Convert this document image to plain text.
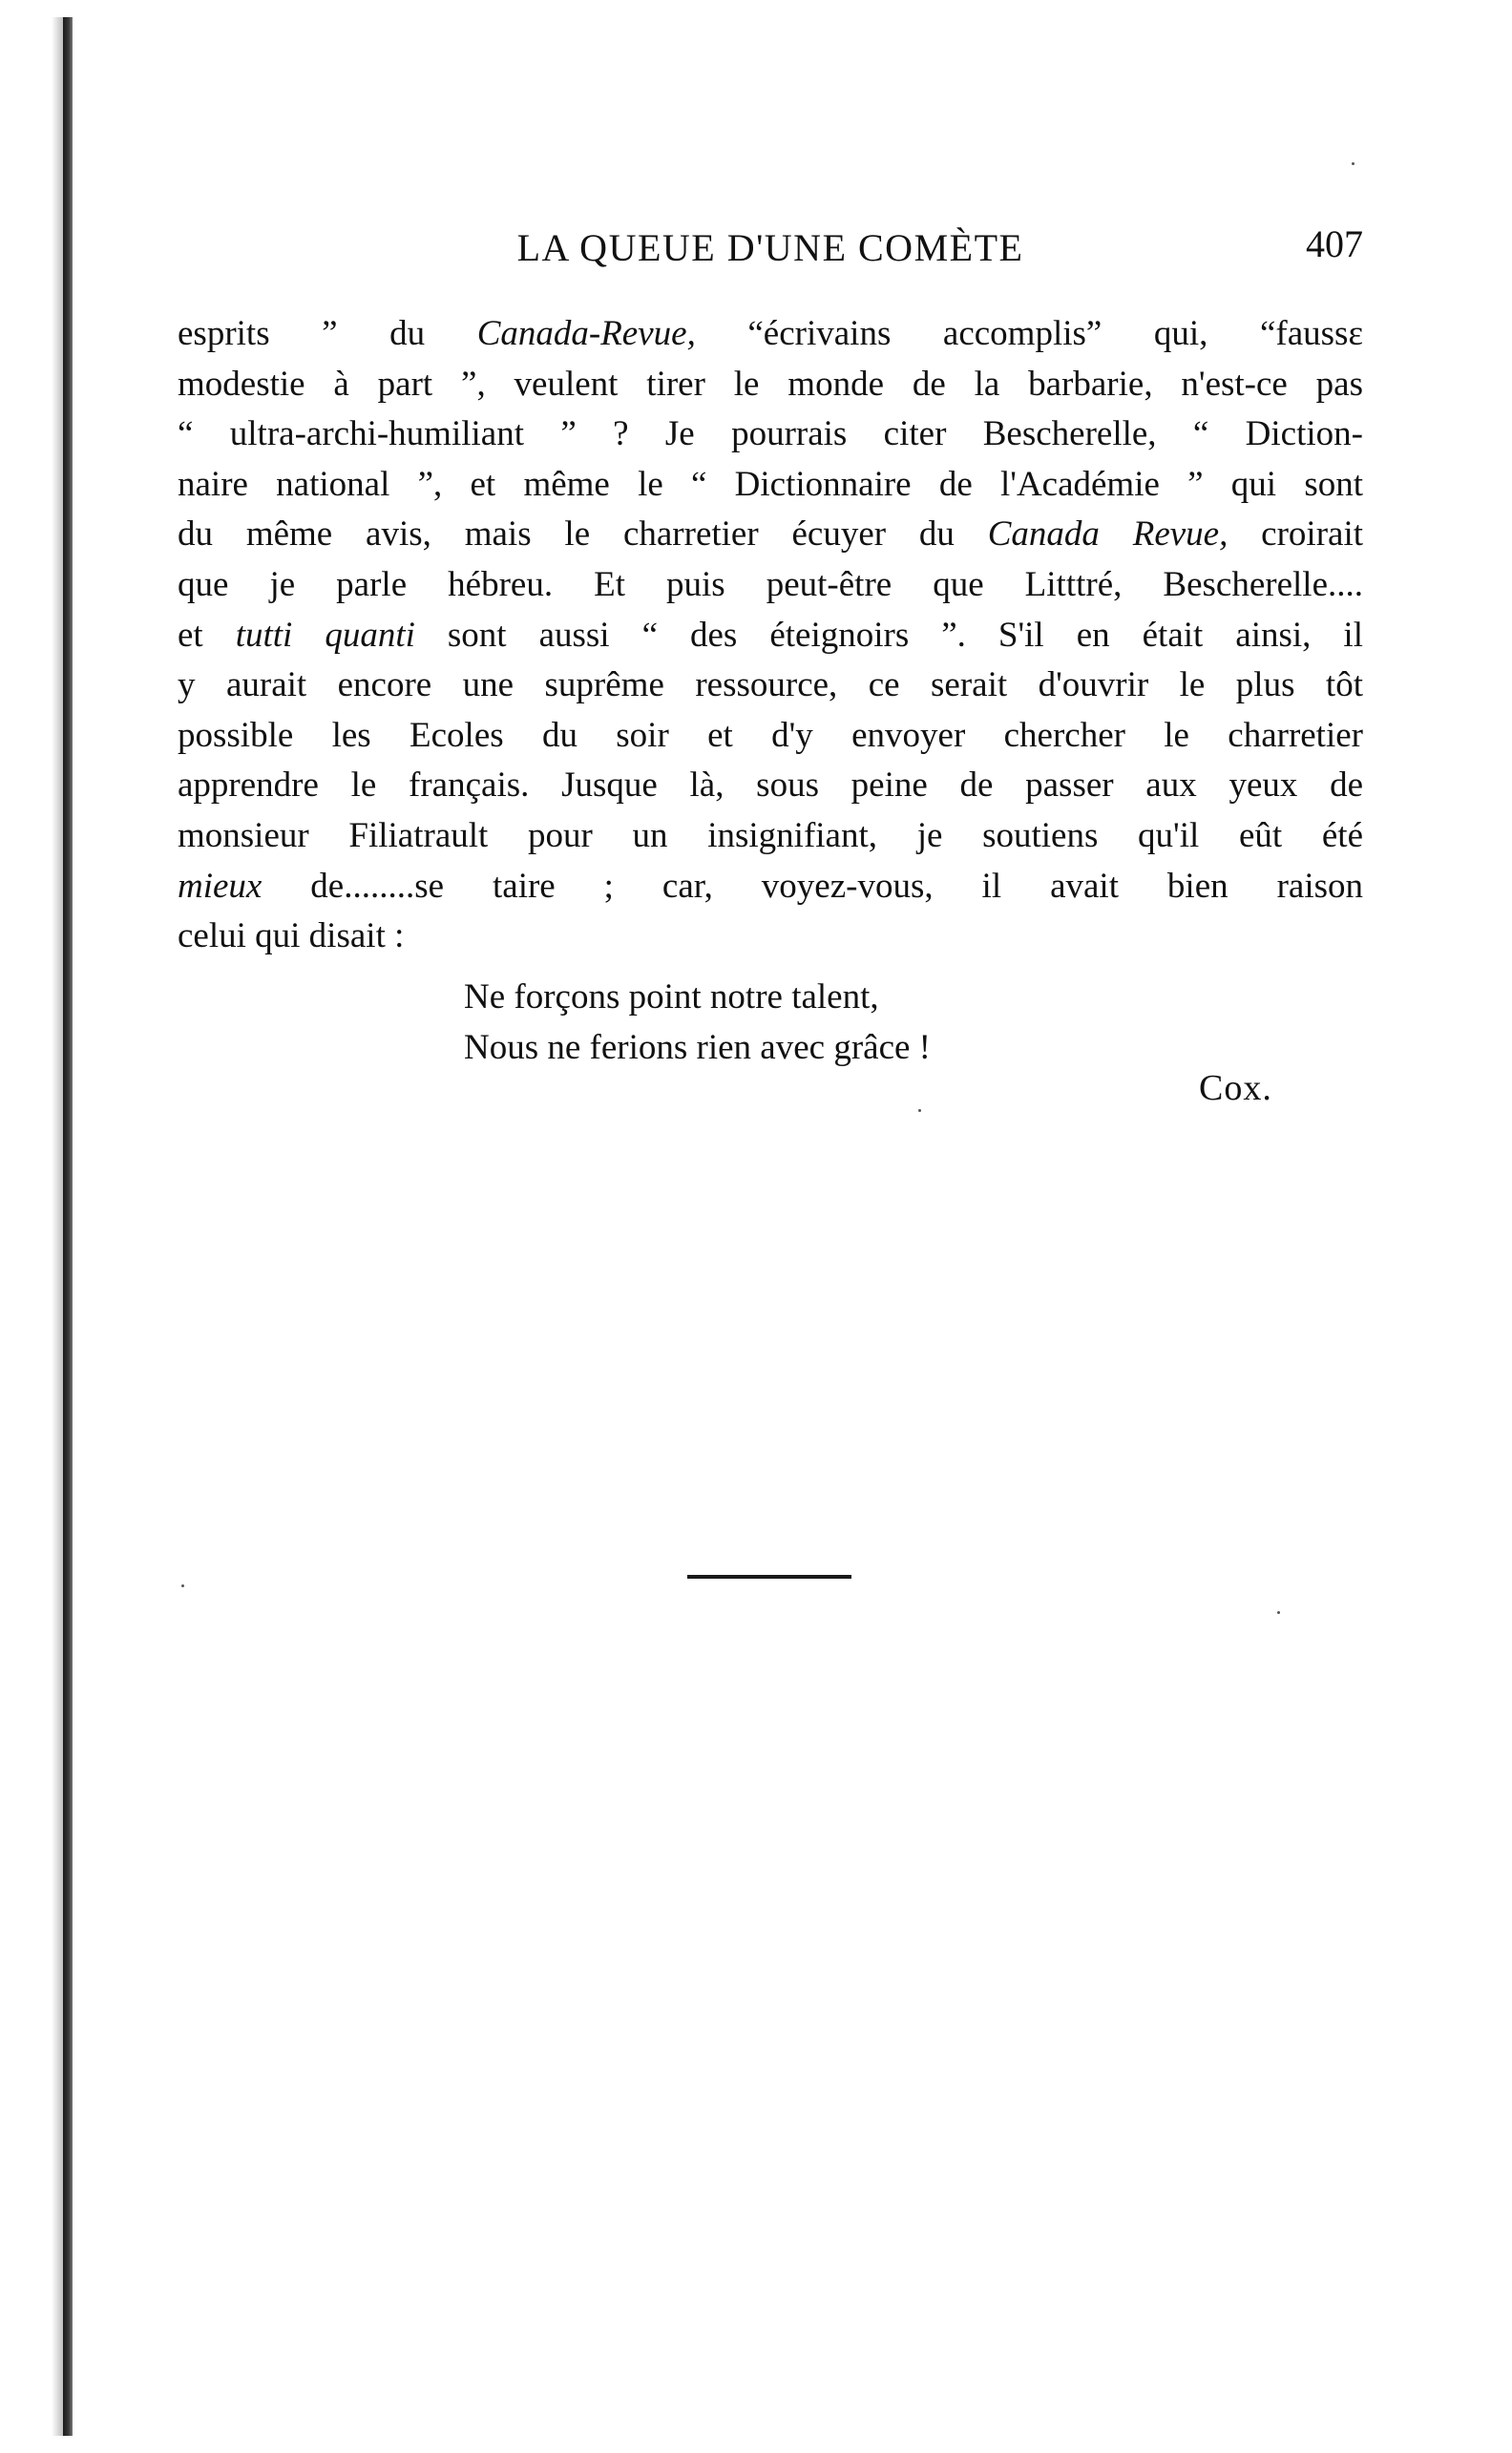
LA QUEUE D'UNE COMÈTE	407
esprits ” du Canada-Revue, “écrivains accomplis” qui, “faussɛ
modestie à part ”, veulent tirer le monde de la barbarie, n'est-ce pas
“ ultra-archi-humiliant ” ? Je pourrais citer Bescherelle, “ Diction-
naire national ”, et même le “ Dictionnaire de l'Académie ” qui sont
du même avis, mais le charretier écuyer du Canada Revue, croirait
que je parle hébreu. Et puis peut-être que Litttré, Bescherelle....
et tutti quanti sont aussi “ des éteignoirs ”. S'il en était ainsi, il
y aurait encore une suprême ressource, ce serait d'ouvrir le plus tôt
possible les Ecoles du soir et d'y envoyer chercher le charretier
apprendre le français. Jusque là, sous peine de passer aux yeux de
monsieur Filiatrault pour un insignifiant, je soutiens qu'il eût été
mieux de........se taire ; car, voyez-vous, il avait bien raison
celui qui disait :
Ne forçons point notre talent,
Nous ne ferions rien avec grâce !
Cox.
